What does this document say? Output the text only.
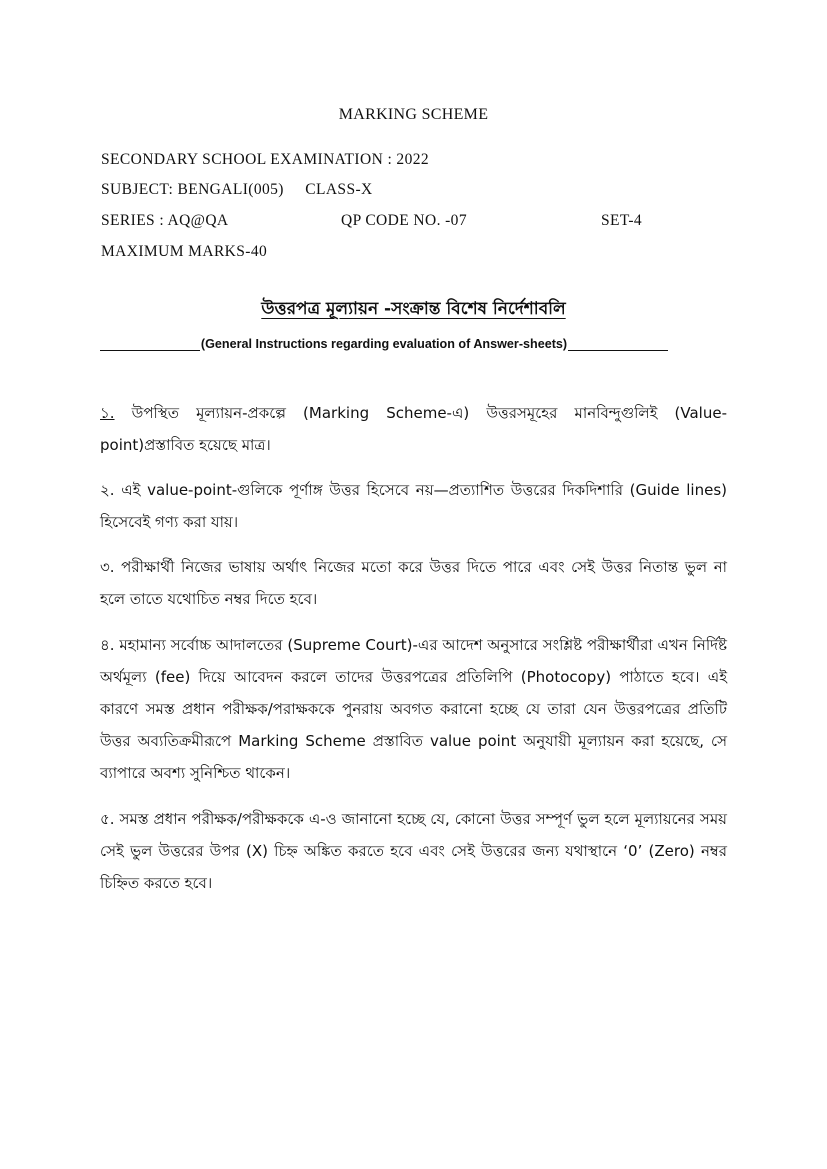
MARKING SCHEME
SECONDARY SCHOOL EXAMINATION : 2022
SUBJECT: BENGALI(005) CLASS-X
SERIES : AQ@QA	QP CODE NO. -07	SET-4
MAXIMUM MARKS-40
উত্তরপত্র মূল্যায়ন -সংক্রান্ত বিশেষ নির্দেশাবলি
(General Instructions regarding evaluation of Answer-sheets)
১. উপস্থিত মূল্যায়ন-প্রকল্পে (Marking Scheme-এ) উত্তরসমূহের মানবিন্দুগুলিই (Value-point)প্রস্তাবিত হয়েছে মাত্র।
২. এই value-point-গুলিকে পূর্ণাঙ্গ উত্তর হিসেবে নয়—প্রত্যাশিত উত্তরের দিকদিশারি (Guide lines) হিসেবেই গণ্য করা যায়।
৩. পরীক্ষার্থী নিজের ভাষায় অর্থাৎ নিজের মতো করে উত্তর দিতে পারে এবং সেই উত্তর নিতান্ত ভুল না হলে তাতে যথোচিত নম্বর দিতে হবে।
৪. মহামান্য সর্বোচ্চ আদালতের (Supreme Court)-এর আদেশ অনুসারে সংশ্লিষ্ট পরীক্ষার্থীরা এখন নির্দিষ্ট অর্থমূল্য (fee) দিয়ে আবেদন করলে তাদের উত্তরপত্রের প্রতিলিপি (Photocopy) পাঠাতে হবে। এই কারণে সমস্ত প্রধান পরীক্ষক/পরাক্ষককে পুনরায় অবগত করানো হচ্ছে যে তারা যেন উত্তরপত্রের প্রতিটি উত্তর অব্যতিক্রমীরূপে Marking Scheme প্রস্তাবিত value point অনুযায়ী মূল্যায়ন করা হয়েছে, সে ব্যাপারে অবশ্য সুনিশ্চিত থাকেন।
৫. সমস্ত প্রধান পরীক্ষক/পরীক্ষককে এ-ও জানানো হচ্ছে যে, কোনো উত্তর সম্পূর্ণ ভুল হলে মূল্যায়নের সময় সেই ভুল উত্তরের উপর (X) চিহ্ন অঙ্কিত করতে হবে এবং সেই উত্তরের জন্য যথাস্থানে ‘0’ (Zero) নম্বর চিহ্নিত করতে হবে।
